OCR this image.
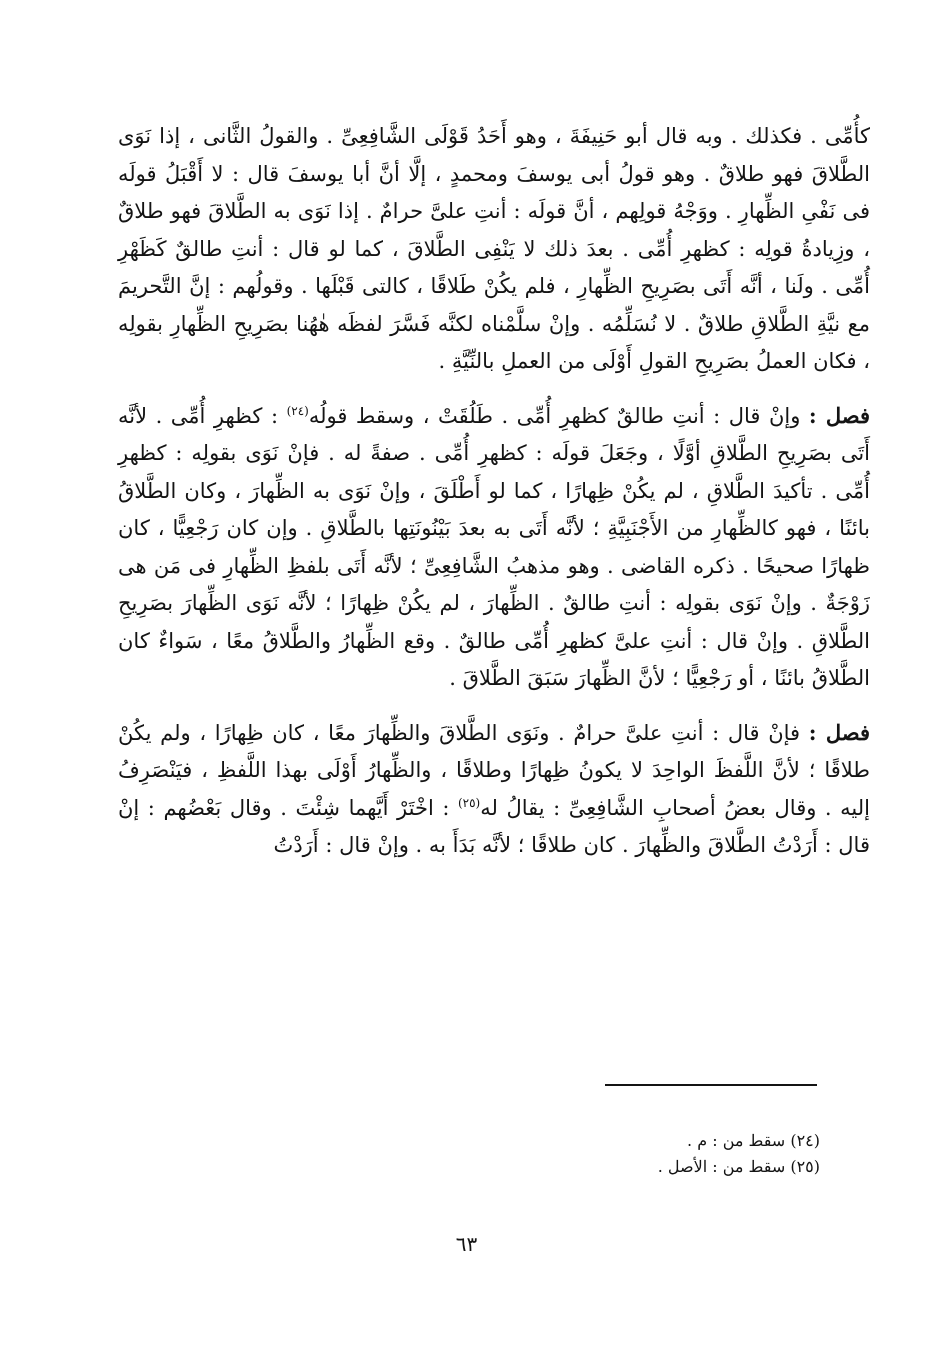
كأُمِّى . فكذلك . وبه قال أبو حَنِيفَةَ ، وهو أَحَدُ قَوْلَى الشَّافِعِىِّ . والقولُ الثَّانى ، إذا نَوَى الطَّلاقَ فهو طلاقٌ . وهو قولُ أبى يوسفَ ومحمدٍ ، إلَّا أنَّ أبا يوسفَ قال : لا أَقْبَلُ قولَه فى نَفْىِ الظِّهارِ . ووَجْهُ قولِهم ، أنَّ قولَه : أنتِ علىَّ حرامٌ . إذا نَوَى به الطَّلاقَ فهو طلاقٌ ، وزِيادةُ قولِه : كظهرِ أُمِّى . بعدَ ذلك لا يَنْفِى الطَّلاقَ ، كما لو قال : أنتِ طالقٌ كَظَهْرِ أُمِّى . ولَنا ، أنَّه أَتَى بصَرِيحِ الظِّهارِ ، فلم يكُنْ طَلاقًا ، كالتى قَبْلَها . وقولُهم : إنَّ التَّحريمَ مع نيَّةِ الطَّلاقِ طلاقٌ . لا نُسَلِّمُه . وإنْ سلَّمْناه لكنَّه فَسَّرَ لفظَه هٰهُنا بصَرِيحِ الظِّهارِ بقولِه ، فكان العملُ بصَرِيحِ القولِ أَوْلَى من العملِ بالنِّيَّةِ .

فصل : وإنْ قال : أنتِ طالقٌ كظهرِ أُمِّى . طَلُقَتْ ، وسقط قولُه$^{(٢٤)}$ : كظهرِ أُمِّى . لأنَّه أَتَى بصَرِيحِ الطَّلاقِ أوَّلًا ، وجَعَلَ قولَه : كظهرِ أُمِّى . صفةً له . فإنْ نَوَى بقولِه : كظهرِ أُمِّى . تأكيدَ الطَّلاقِ ، لم يكُنْ ظِهارًا ، كما لو أَطْلَقَ ، وإنْ نَوَى به الظِّهارَ ، وكان الطَّلاقُ بائنًا ، فهو كالظِّهارِ من الأَجْنَبِيَّةِ ؛ لأنَّه أَتَى به بعدَ بَيْنُونَتِها بالطَّلاقِ . وإن كان رَجْعِيًّا ، كان ظهارًا صحيحًا . ذكره القاضى . وهو مذهبُ الشَّافِعِىِّ ؛ لأنَّه أَتَى بلفظِ الظِّهارِ فى مَن هى زَوْجَةٌ . وإنْ نَوَى بقولِه : أنتِ طالقٌ . الظِّهارَ ، لم يكُنْ ظِهارًا ؛ لأنَّه نَوَى الظِّهارَ بصَرِيحِ الطَّلاقِ . وإنْ قال : أنتِ علىَّ كظهرِ أُمِّى طالقٌ . وقع الظِّهارُ والطَّلاقُ معًا ، سَواءٌ كان الطَّلاقُ بائنًا ، أو رَجْعِيًّا ؛ لأنَّ الظِّهارَ سَبَقَ الطَّلاقَ .

فصل : فإنْ قال : أنتِ علىَّ حرامٌ . ونَوَى الطَّلاقَ والظِّهارَ معًا ، كان ظِهارًا ، ولم يكُنْ طلاقًا ؛ لأنَّ اللَّفظَ الواحِدَ لا يكونُ ظِهارًا وطلاقًا ، والظِّهارُ أَوْلَى بهذا اللَّفظِ ، فيَنْصَرِفُ إليه . وقال بعضُ أصحابِ الشَّافِعِىِّ : يقالُ له$^{(٢٥)}$ : اخْتَرْ أَيَّهما شِئْتَ . وقال بَعْضُهم : إنْ قال : أَرَدْتُ الطَّلاقَ والظِّهارَ . كان طلاقًا ؛ لأنَّه بَدَأَ به . وإنْ قال : أَرَدْتُ

(٢٤) سقط من : م .
(٢٥) سقط من : الأصل .
٦٣
